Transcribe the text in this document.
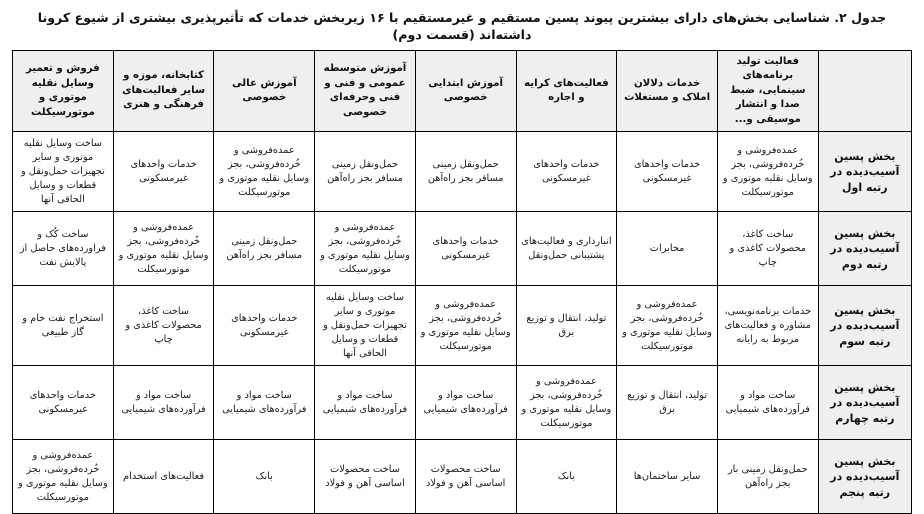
جدول ۲. شناسایی بخش‌های دارای بیشترین پیوند پسین مستقیم و غیرمستقیم با ۱۶ زیربخش خدمات که تأثیرپذیری بیشتری از شیوع کرونا داشته‌اند (قسمت دوم)
	فعالیت تولید برنامه‌های سینمایی، ضبط صدا و انتشار موسیقی و...	خدمات دلالان املاک و مستغلات	فعالیت‌های کرایه و اجاره	آموزش ابتدایی خصوصی	آموزش متوسطه عمومی و فنی و فنی وحرفه‌ای خصوصی	آموزش عالی خصوصی	کتابخانه، موزه و سایر فعالیت‌های فرهنگی و هنری	فروش و تعمیر وسایل نقلیه موتوری و موتورسیکلت
بخش پسین آسیب‌دیده در رتبه اول	عمده‌فروشی و خُرده‌فروشی، بجز وسایل نقلیه موتوری و موتورسیکلت	خدمات واحدهای غیرمسکونی	خدمات واحدهای غیرمسکونی	حمل‌ونقل زمینی مسافر بجز راه‌آهن	حمل‌ونقل زمینی مسافر بجز راه‌آهن	عمده‌فروشی و خُرده‌فروشی، بجز وسایل نقلیه موتوری و موتورسیکلت	خدمات واحدهای غیرمسکونی	ساخت وسایل نقلیه موتوری و سایر تجهیزات حمل‌ونقل و قطعات و وسایل الحاقی آنها
بخش پسین آسیب‌دیده در رتبه دوم	ساخت کاغذ، محصولات کاغذی و چاپ	مخابرات	انبارداری و فعالیت‌های پشتیبانی حمل‌ونقل	خدمات واحدهای غیرمسکونی	عمده‌فروشی و خُرده‌فروشی، بجز وسایل نقلیه موتوری و موتورسیکلت	حمل‌ونقل زمینی مسافر بجز راه‌آهن	عمده‌فروشی و خُرده‌فروشی، بجز وسایل نقلیه موتوری و موتورسیکلت	ساخت کُک و فراورده‌های حاصل از پالایش نفت
بخش پسین آسیب‌دیده در رتبه سوم	خدمات برنامه‌نویسی، مشاوره و فعالیت‌های مربوط به رایانه	عمده‌فروشی و خُرده‌فروشی، بجز وسایل نقلیه موتوری و موتورسیکلت	تولید، انتقال و توزیع برق	عمده‌فروشی و خُرده‌فروشی، بجز وسایل نقلیه موتوری و موتورسیکلت	ساخت وسایل نقلیه موتوری و سایر تجهیزات حمل‌ونقل و قطعات و وسایل الحاقی آنها	خدمات واحدهای غیرمسکونی	ساخت کاغذ، محصولات کاغذی و چاپ	استخراج نفت خام و گاز طبیعی
بخش پسین آسیب‌دیده در رتبه چهارم	ساخت مواد و فرآورده‌های شیمیایی	تولید، انتقال و توزیع برق	عمده‌فروشی و خُرده‌فروشی، بجز وسایل نقلیه موتوری و موتورسیکلت	ساخت مواد و فرآورده‌های شیمیایی	ساخت مواد و فرآورده‌های شیمیایی	ساخت مواد و فرآورده‌های شیمیایی	ساخت مواد و فرآورده‌های شیمیایی	خدمات واحدهای غیرمسکونی
بخش پسین آسیب‌دیده در رتبه پنجم	حمل‌ونقل زمینی بار بجز راه‌آهن	سایر ساختمان‌ها	بانک	ساخت محصولات اساسی آهن و فولاد	ساخت محصولات اساسی آهن و فولاد	بانک	فعالیت‌های استخدام	عمده‌فروشی و خُرده‌فروشی، بجز وسایل نقلیه موتوری و موتورسیکلت
